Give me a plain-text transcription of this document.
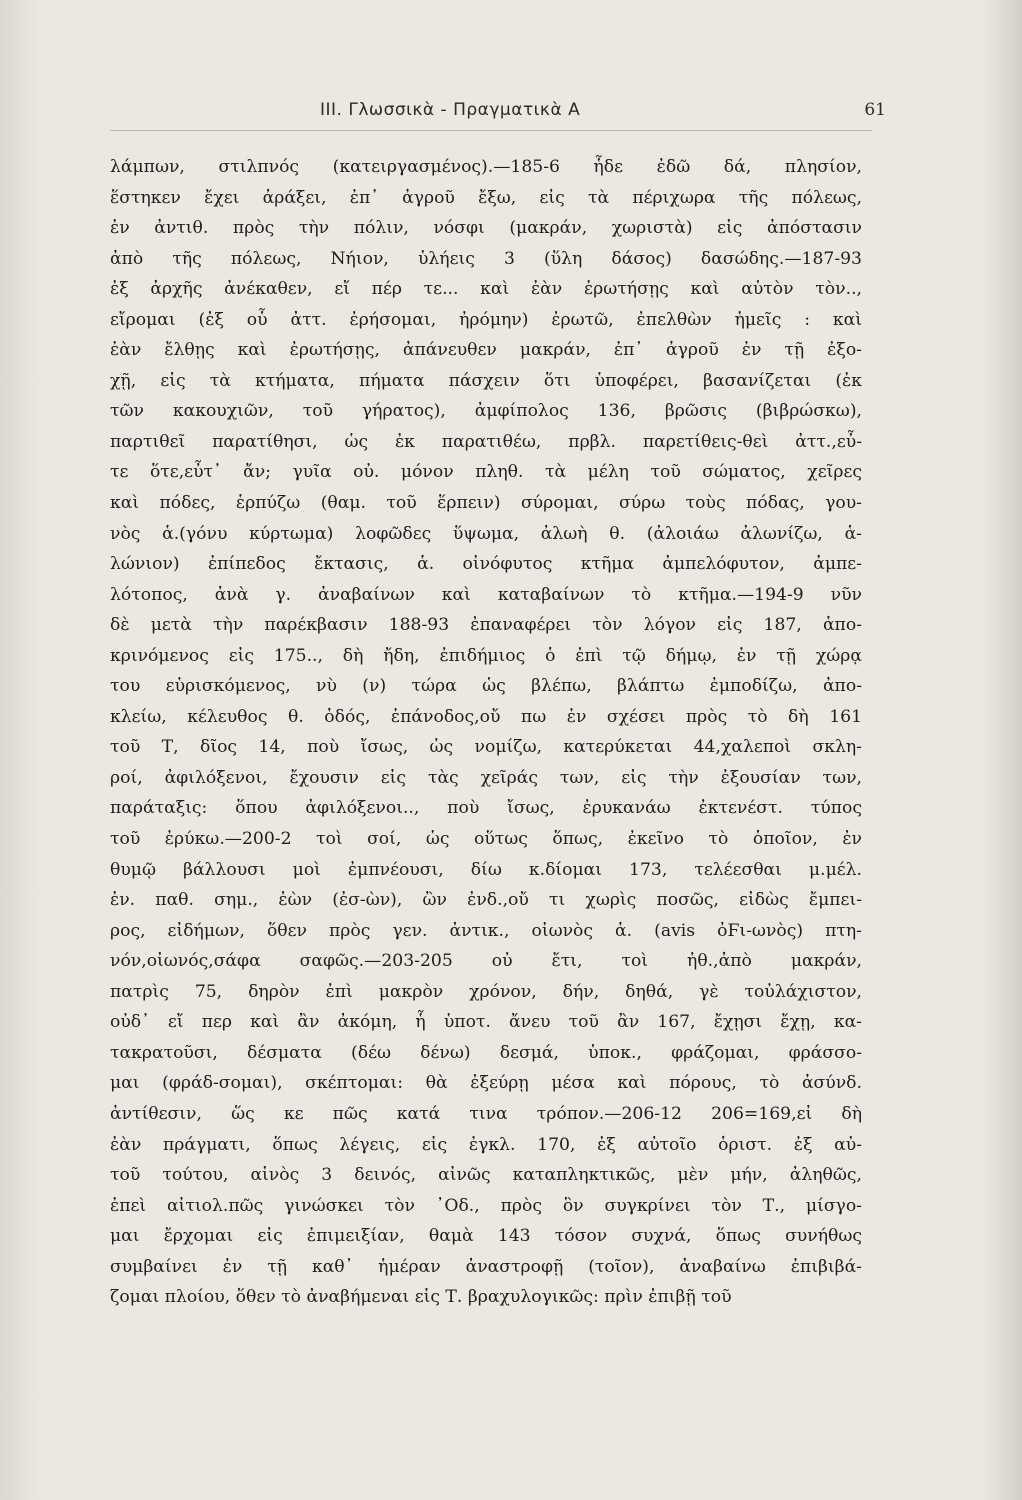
III. Γλωσσικὰ - Πραγματικὰ Α	61
λάμπων, στιλπνός (κατειργασμένος).—185-6 ἧδε ἐδῶ δά, πλησίον,
ἕστηκεν ἔχει ἀράξει, ἐπ᾽ ἀγροῦ ἔξω, εἰς τὰ πέριχωρα τῆς πόλεως,
ἐν ἀντιθ. πρὸς τὴν πόλιν, νόσφι (μακράν, χωριστὰ) εἰς ἀπόστασιν
ἀπὸ τῆς πόλεως, Νήιον, ὑλήεις 3 (ὕλη δάσος) δασώδης.—187-93
ἐξ ἀρχῆς ἀνέκαθεν, εἴ πέρ τε... καὶ ἐὰν ἐρωτήσῃς καὶ αὐτὸν τὸν..,
εἴρομαι (ἐξ οὗ ἀττ. ἐρήσομαι, ἠρόμην) ἐρωτῶ, ἐπελθὼν ἡμεῖς : καὶ
ἐὰν ἔλθῃς καὶ ἐρωτήσῃς, ἀπάνευθεν μακράν, ἐπ᾽ ἀγροῦ ἐν τῇ ἐξο-
χῇ, εἰς τὰ κτήματα, πήματα πάσχειν ὅτι ὑποφέρει, βασανίζεται (ἐκ
τῶν κακουχιῶν, τοῦ γήρατος), ἀμφίπολος 136, βρῶσις (βιβρώσκω),
παρτιθεῖ παρατίθησι, ὡς ἐκ παρατιθέω, πρβλ. παρετίθεις-θεὶ ἀττ.,εὖ-
τε ὅτε,εὖτ᾽ ἄν; γυῖα οὐ. μόνον πληθ. τὰ μέλη τοῦ σώματος, χεῖρες
καὶ πόδες, ἑρπύζω (θαμ. τοῦ ἕρπειν) σύρομαι, σύρω τοὺς πόδας, γου-
νὸς ἁ.(γόνυ κύρτωμα) λοφῶδες ὕψωμα, ἀλωὴ θ. (ἀλοιάω ἀλωνίζω, ἁ-
λώνιον) ἐπίπεδος ἔκτασις, ἁ. οἰνόφυτος κτῆμα ἀμπελόφυτον, ἀμπε-
λότοπος, ἀνὰ γ. ἀναβαίνων καὶ καταβαίνων τὸ κτῆμα.—194-9 νῦν
δὲ μετὰ τὴν παρέκβασιν 188-93 ἐπαναφέρει τὸν λόγον εἰς 187, ἀπο-
κρινόμενος εἰς 175.., δὴ ἤδη, ἐπιδήμιος ὁ ἐπὶ τῷ δήμῳ, ἐν τῇ χώρᾳ
του εὑρισκόμενος, νὺ (ν) τώρα ὡς βλέπω, βλάπτω ἐμποδίζω, ἀπο-
κλείω, κέλευθος θ. ὁδός, ἐπάνοδος,οὔ πω ἐν σχέσει πρὸς τὸ δὴ 161
τοῦ Τ, δῖος 14, ποὺ ἴσως, ὡς νομίζω, κατερύκεται 44,χαλεποὶ σκλη-
ροί, ἀφιλόξενοι, ἔχουσιν εἰς τὰς χεῖράς των, εἰς τὴν ἐξουσίαν των,
παράταξις: ὅπου ἀφιλόξενοι.., ποὺ ἴσως, ἐρυκανάω ἐκτενέστ. τύπος
τοῦ ἐρύκω.—200-2 τοὶ σοί, ὡς οὕτως ὅπως, ἐκεῖνο τὸ ὁποῖον, ἐν
θυμῷ βάλλουσι μοὶ ἐμπνέουσι, δίω κ.δίομαι 173, τελέεσθαι μ.μέλ.
ἐν. παθ. σημ., ἐὼν (ἐσ-ὼν), ὢν ἐνδ.,οὔ τι χωρὶς ποσῶς, εἰδὼς ἔμπει-
ρος, εἰδήμων, ὅθεν πρὸς γεν. ἀντικ., οἰωνὸς ἁ. (avis ὀϜι-ωνὸς) πτη-
νόν,οἰωνός,σάφα σαφῶς.—203-205 οὐ ἔτι, τοὶ ἠθ.,ἀπὸ μακράν,
πατρὶς 75, δηρὸν ἐπὶ μακρὸν χρόνον, δήν, δηθά, γὲ τοὐλάχιστον,
οὐδ᾽ εἴ περ καὶ ἂν ἀκόμη, ἧ ὑποτ. ἄνευ τοῦ ἂν 167, ἔχῃσι ἔχῃ, κα-
τακρατοῦσι, δέσματα (δέω δένω) δεσμά, ὑποκ., φράζομαι, φράσσο-
μαι (φράδ-σομαι), σκέπτομαι: θὰ ἐξεύρῃ μέσα καὶ πόρους, τὸ ἀσύνδ.
ἀντίθεσιν, ὥς κε πῶς κατά τινα τρόπον.—206-12 206=169,εἰ δὴ
ἐὰν πράγματι, ὅπως λέγεις, εἰς ἐγκλ. 170, ἐξ αὐτοῖο ὁριστ. ἐξ αὐ-
τοῦ τούτου, αἰνὸς 3 δεινός, αἰνῶς καταπληκτικῶς, μὲν μήν, ἀληθῶς,
ἐπεὶ αἰτιολ.πῶς γινώσκει τὸν ᾿Οδ., πρὸς ὃν συγκρίνει τὸν Τ., μίσγο-
μαι ἔρχομαι εἰς ἐπιμειξίαν, θαμὰ 143 τόσον συχνά, ὅπως συνήθως
συμβαίνει ἐν τῇ καθ᾽ ἡμέραν ἀναστροφῇ (τοῖον), ἀναβαίνω ἐπιβιβά-
ζομαι πλοίου, ὅθεν τὸ ἀναβήμεναι εἰς Τ. βραχυλογικῶς: πρὶν ἐπιβῇ τοῦ
